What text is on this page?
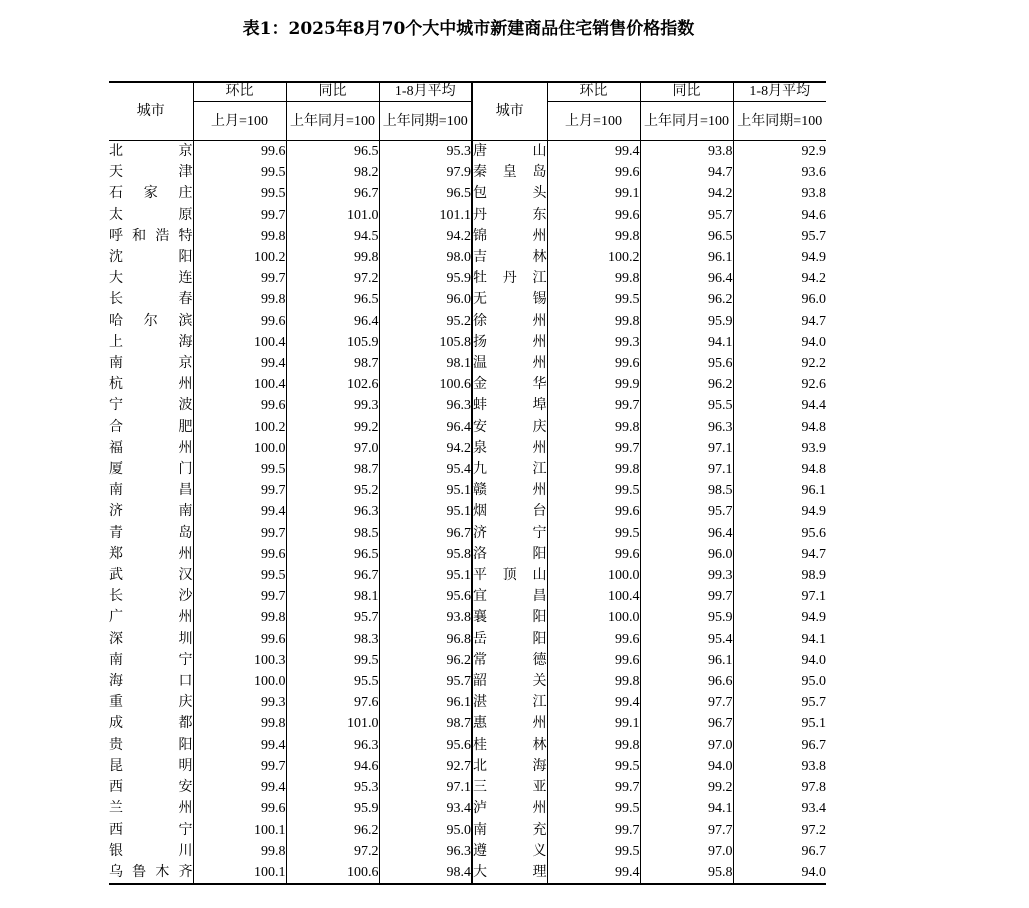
表1：2025年8月70个大中城市新建商品住宅销售价格指数
城市	环比	同比	1-8月平均	城市	环比	同比	1-8月平均
	上月=100	上年同月=100	上年同期=100		上月=100	上年同月=100	上年同期=100

北 京	99.6	96.5	95.3	唐 山	99.4	93.8	92.9

天 津	99.5	98.2	97.9	秦 皇 岛	99.6	94.7	93.6

石 家 庄	99.5	96.7	96.5	包 头	99.1	94.2	93.8

太 原	99.7	101.0	101.1	丹 东	99.6	95.7	94.6

呼和浩特	99.8	94.5	94.2	锦 州	99.8	96.5	95.7

沈 阳	100.2	99.8	98.0	吉 林	100.2	96.1	94.9

大 连	99.7	97.2	95.9	牡 丹 江	99.8	96.4	94.2

长 春	99.8	96.5	96.0	无 锡	99.5	96.2	96.0

哈 尔 滨	99.6	96.4	95.2	徐 州	99.8	95.9	94.7

上 海	100.4	105.9	105.8	扬 州	99.3	94.1	94.0

南 京	99.4	98.7	98.1	温 州	99.6	95.6	92.2

杭 州	100.4	102.6	100.6	金 华	99.9	96.2	92.6

宁 波	99.6	99.3	96.3	蚌 埠	99.7	95.5	94.4

合 肥	100.2	99.2	96.4	安 庆	99.8	96.3	94.8

福 州	100.0	97.0	94.2	泉 州	99.7	97.1	93.9

厦 门	99.5	98.7	95.4	九 江	99.8	97.1	94.8

南 昌	99.7	95.2	95.1	赣 州	99.5	98.5	96.1

济 南	99.4	96.3	95.1	烟 台	99.6	95.7	94.9

青 岛	99.7	98.5	96.7	济 宁	99.5	96.4	95.6

郑 州	99.6	96.5	95.8	洛 阳	99.6	96.0	94.7

武 汉	99.5	96.7	95.1	平 顶 山	100.0	99.3	98.9

长 沙	99.7	98.1	95.6	宜 昌	100.4	99.7	97.1

广 州	99.8	95.7	93.8	襄 阳	100.0	95.9	94.9

深 圳	99.6	98.3	96.8	岳 阳	99.6	95.4	94.1

南 宁	100.3	99.5	96.2	常 德	99.6	96.1	94.0

海 口	100.0	95.5	95.7	韶 关	99.8	96.6	95.0

重 庆	99.3	97.6	96.1	湛 江	99.4	97.7	95.7

成 都	99.8	101.0	98.7	惠 州	99.1	96.7	95.1

贵 阳	99.4	96.3	95.6	桂 林	99.8	97.0	96.7

昆 明	99.7	94.6	92.7	北 海	99.5	94.0	93.8

西 安	99.4	95.3	97.1	三 亚	99.7	99.2	97.8

兰 州	99.6	95.9	93.4	泸 州	99.5	94.1	93.4

西 宁	100.1	96.2	95.0	南 充	99.7	97.7	97.2

银 川	99.8	97.2	96.3	遵 义	99.5	97.0	96.7

乌鲁木齐	100.1	100.6	98.4	大 理	99.4	95.8	94.0
